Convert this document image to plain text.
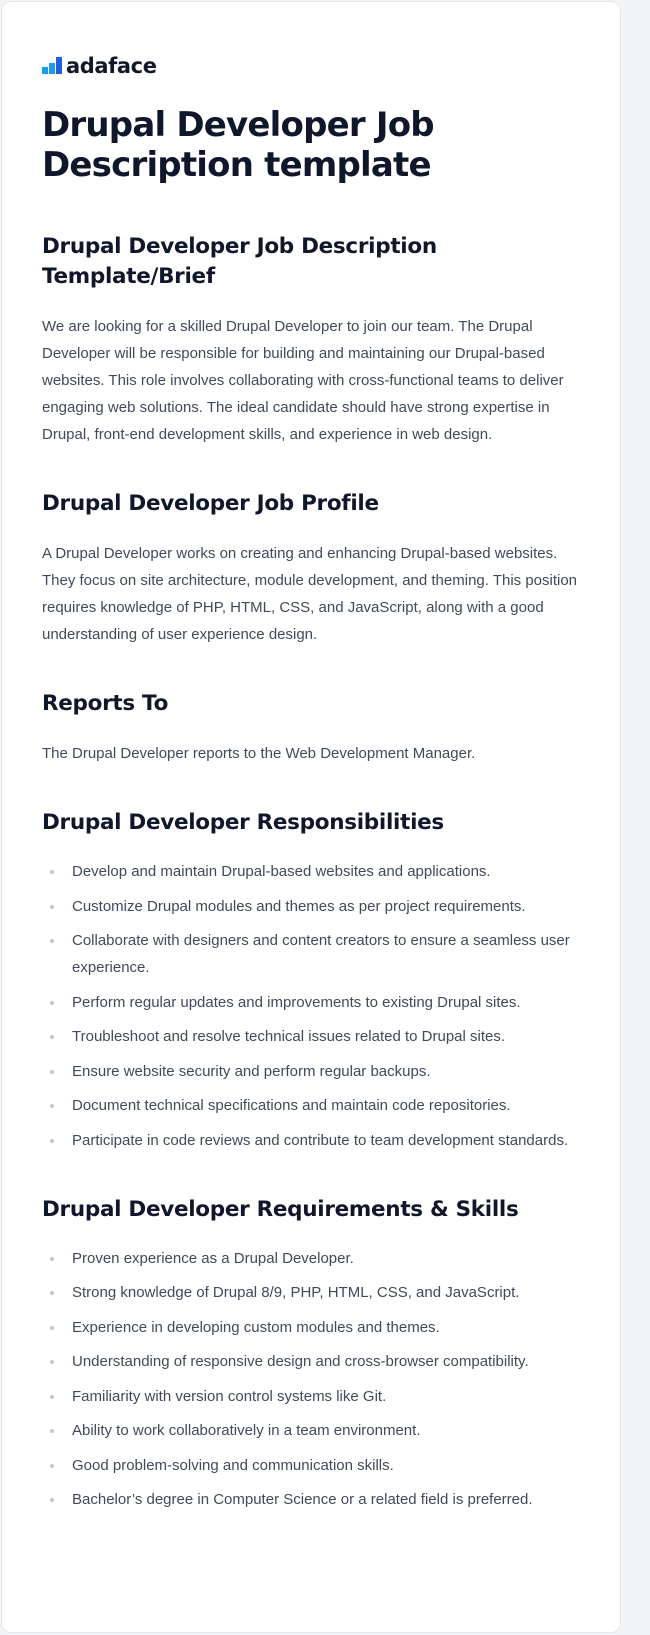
adaface
Drupal Developer Job Description template
Drupal Developer Job Description Template/Brief

We are looking for a skilled Drupal Developer to join our team. The Drupal Developer will be responsible for building and maintaining our Drupal-based websites. This role involves collaborating with cross-functional teams to deliver engaging web solutions. The ideal candidate should have strong expertise in Drupal, front-end development skills, and experience in web design.

Drupal Developer Job Profile

A Drupal Developer works on creating and enhancing Drupal-based websites. They focus on site architecture, module development, and theming. This position requires knowledge of PHP, HTML, CSS, and JavaScript, along with a good understanding of user experience design.

Reports To

The Drupal Developer reports to the Web Development Manager.

Drupal Developer Responsibilities
Develop and maintain Drupal-based websites and applications.
Customize Drupal modules and themes as per project requirements.
Collaborate with designers and content creators to ensure a seamless user experience.
Perform regular updates and improvements to existing Drupal sites.
Troubleshoot and resolve technical issues related to Drupal sites.
Ensure website security and perform regular backups.
Document technical specifications and maintain code repositories.
Participate in code reviews and contribute to team development standards.
Drupal Developer Requirements & Skills
Proven experience as a Drupal Developer.
Strong knowledge of Drupal 8/9, PHP, HTML, CSS, and JavaScript.
Experience in developing custom modules and themes.
Understanding of responsive design and cross-browser compatibility.
Familiarity with version control systems like Git.
Ability to work collaboratively in a team environment.
Good problem-solving and communication skills.
Bachelor’s degree in Computer Science or a related field is preferred.
